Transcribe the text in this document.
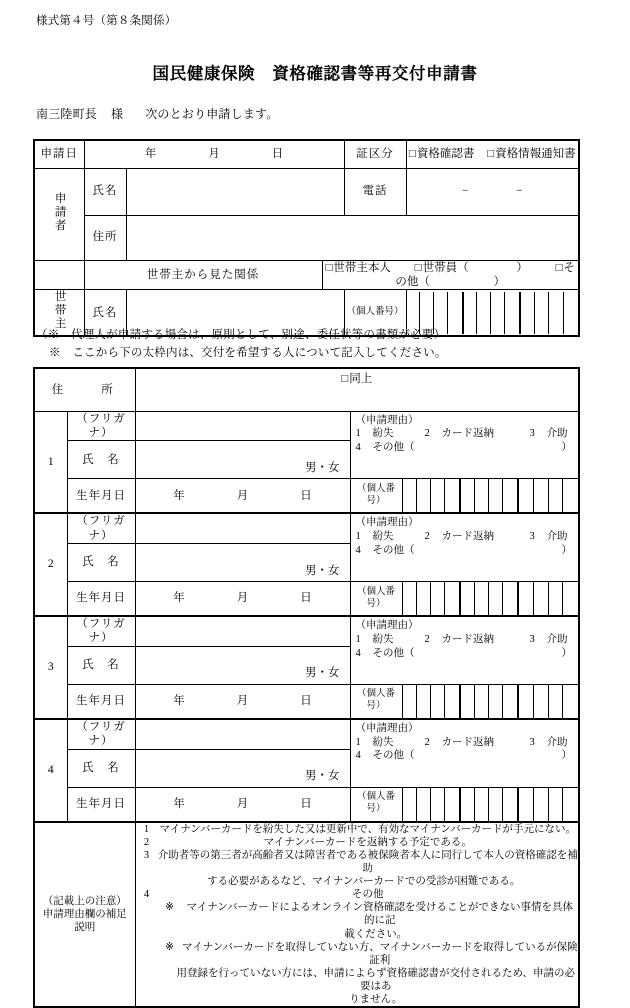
様式第４号（第８条関係）
国民健康保険　資格確認書等再交付申請書
南三陸町長 様 次のとおり申請します。
申請日	年 月 日			証区分	□ 資格確認書 □ 資格情報通知書
申請者	氏名			電話	− −
	住所				
	世帯主から見た関係		□ 世帯主本人 □ 世帯員（ ） □ その他（ ）
世帯主	氏名			（個人番号）	
（※　代理人が申請する場合は、原則として、別途、委任状等の書類が必要）
※　ここから下の太枠内は、交付を希望する人について記入してください。
住　　所		□ 同上
1	（フリガナ）		（申請理由）
1 紛失 2 カード返納 3 介助
4 その他（ ）	

	氏　名	男・女		

	生年月日	年 月 日	（個人番号）	

2	（フリガナ）		（申請理由）
1 紛失 2 カード返納 3 介助
4 その他（ ）	

	氏　名	男・女		

	生年月日	年 月 日	（個人番号）	

3	（フリガナ）		（申請理由）
1 紛失 2 カード返納 3 介助
4 その他（ ）	

	氏　名	男・女		

	生年月日	年 月 日	（個人番号）	

4	（フリガナ）		（申請理由）
1 紛失 2 カード返納 3 介助
4 その他（ ）	

	氏　名	男・女		

	生年月日	年 月 日	（個人番号）	

（記載上の注意）
申請理由欄の補足
説明

1 マイナンバーカードを紛失した又は更新中で、有効なマイナンバーカードが手元にない。
2	マイナンバーカードを返納する予定である。
3 介助者等の第三者が高齢者又は障害者である被保険者本人に同行して本人の資格確認を補助
する必要があるなど、マイナンバーカードでの受診が困難である。
4	その他
※	マイナンバーカードによるオンライン資格確認を受けることができない事情を具体的に記
載ください。
※ マイナンバーカードを取得していない方、マイナンバーカードを取得しているが保険証利
用登録を行っていない方には、申請によらず資格確認書が交付されるため、申請の必要はあ
りません。
